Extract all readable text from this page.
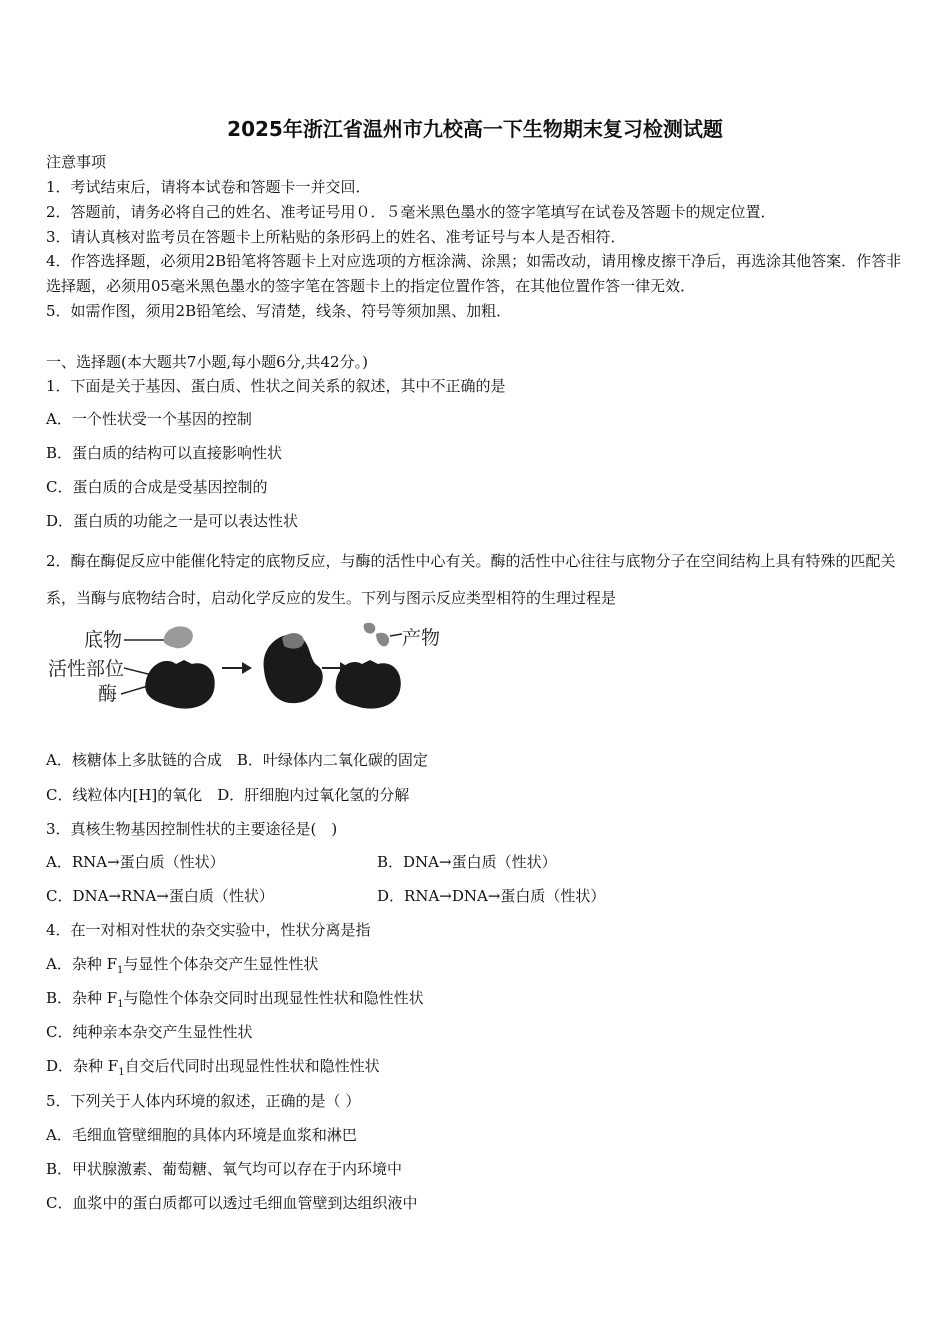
2025年浙江省温州市九校高一下生物期末复习检测试题
注意事项
1．考试结束后，请将本试卷和答题卡一并交回．
2．答题前，请务必将自己的姓名、准考证号用０．５毫米黑色墨水的签字笔填写在试卷及答题卡的规定位置．
3．请认真核对监考员在答题卡上所粘贴的条形码上的姓名、准考证号与本人是否相符．
4．作答选择题，必须用2B铅笔将答题卡上对应选项的方框涂满、涂黑；如需改动，请用橡皮擦干净后，再选涂其他答案．作答非选择题，必须用05毫米黑色墨水的签字笔在答题卡上的指定位置作答，在其他位置作答一律无效．
5．如需作图，须用2B铅笔绘、写清楚，线条、符号等须加黑、加粗．
一、选择题(本大题共7小题,每小题6分,共42分。)
1．下面是关于基因、蛋白质、性状之间关系的叙述，其中不正确的是
A．一个性状受一个基因的控制
B．蛋白质的结构可以直接影响性状
C．蛋白质的合成是受基因控制的
D．蛋白质的功能之一是可以表达性状
2．酶在酶促反应中能催化特定的底物反应，与酶的活性中心有关。酶的活性中心往往与底物分子在空间结构上具有特殊的匹配关系，当酶与底物结合时，启动化学反应的发生。下列与图示反应类型相符的生理过程是
底物
活性部位
酶
产物
A．核糖体上多肽链的合成　B．叶绿体内二氧化碳的固定
C．线粒体内[H]的氧化　D．肝细胞内过氧化氢的分解
3．真核生物基因控制性状的主要途径是(　)
A．RNA→蛋白质（性状）	B．DNA→蛋白质（性状）
C．DNA→RNA→蛋白质（性状）	D．RNA→DNA→蛋白质（性状）
4．在一对相对性状的杂交实验中，性状分离是指
A．杂种 $F_1$与显性个体杂交产生显性性状
B．杂种 $F_1$与隐性个体杂交同时出现显性性状和隐性性状
C．纯种亲本杂交产生显性性状
D．杂种 $F_1$自交后代同时出现显性性状和隐性性状
5．下列关于人体内环境的叙述，正确的是（ ）
A．毛细血管壁细胞的具体内环境是血浆和淋巴
B．甲状腺激素、葡萄糖、氧气均可以存在于内环境中
C．血浆中的蛋白质都可以透过毛细血管壁到达组织液中
